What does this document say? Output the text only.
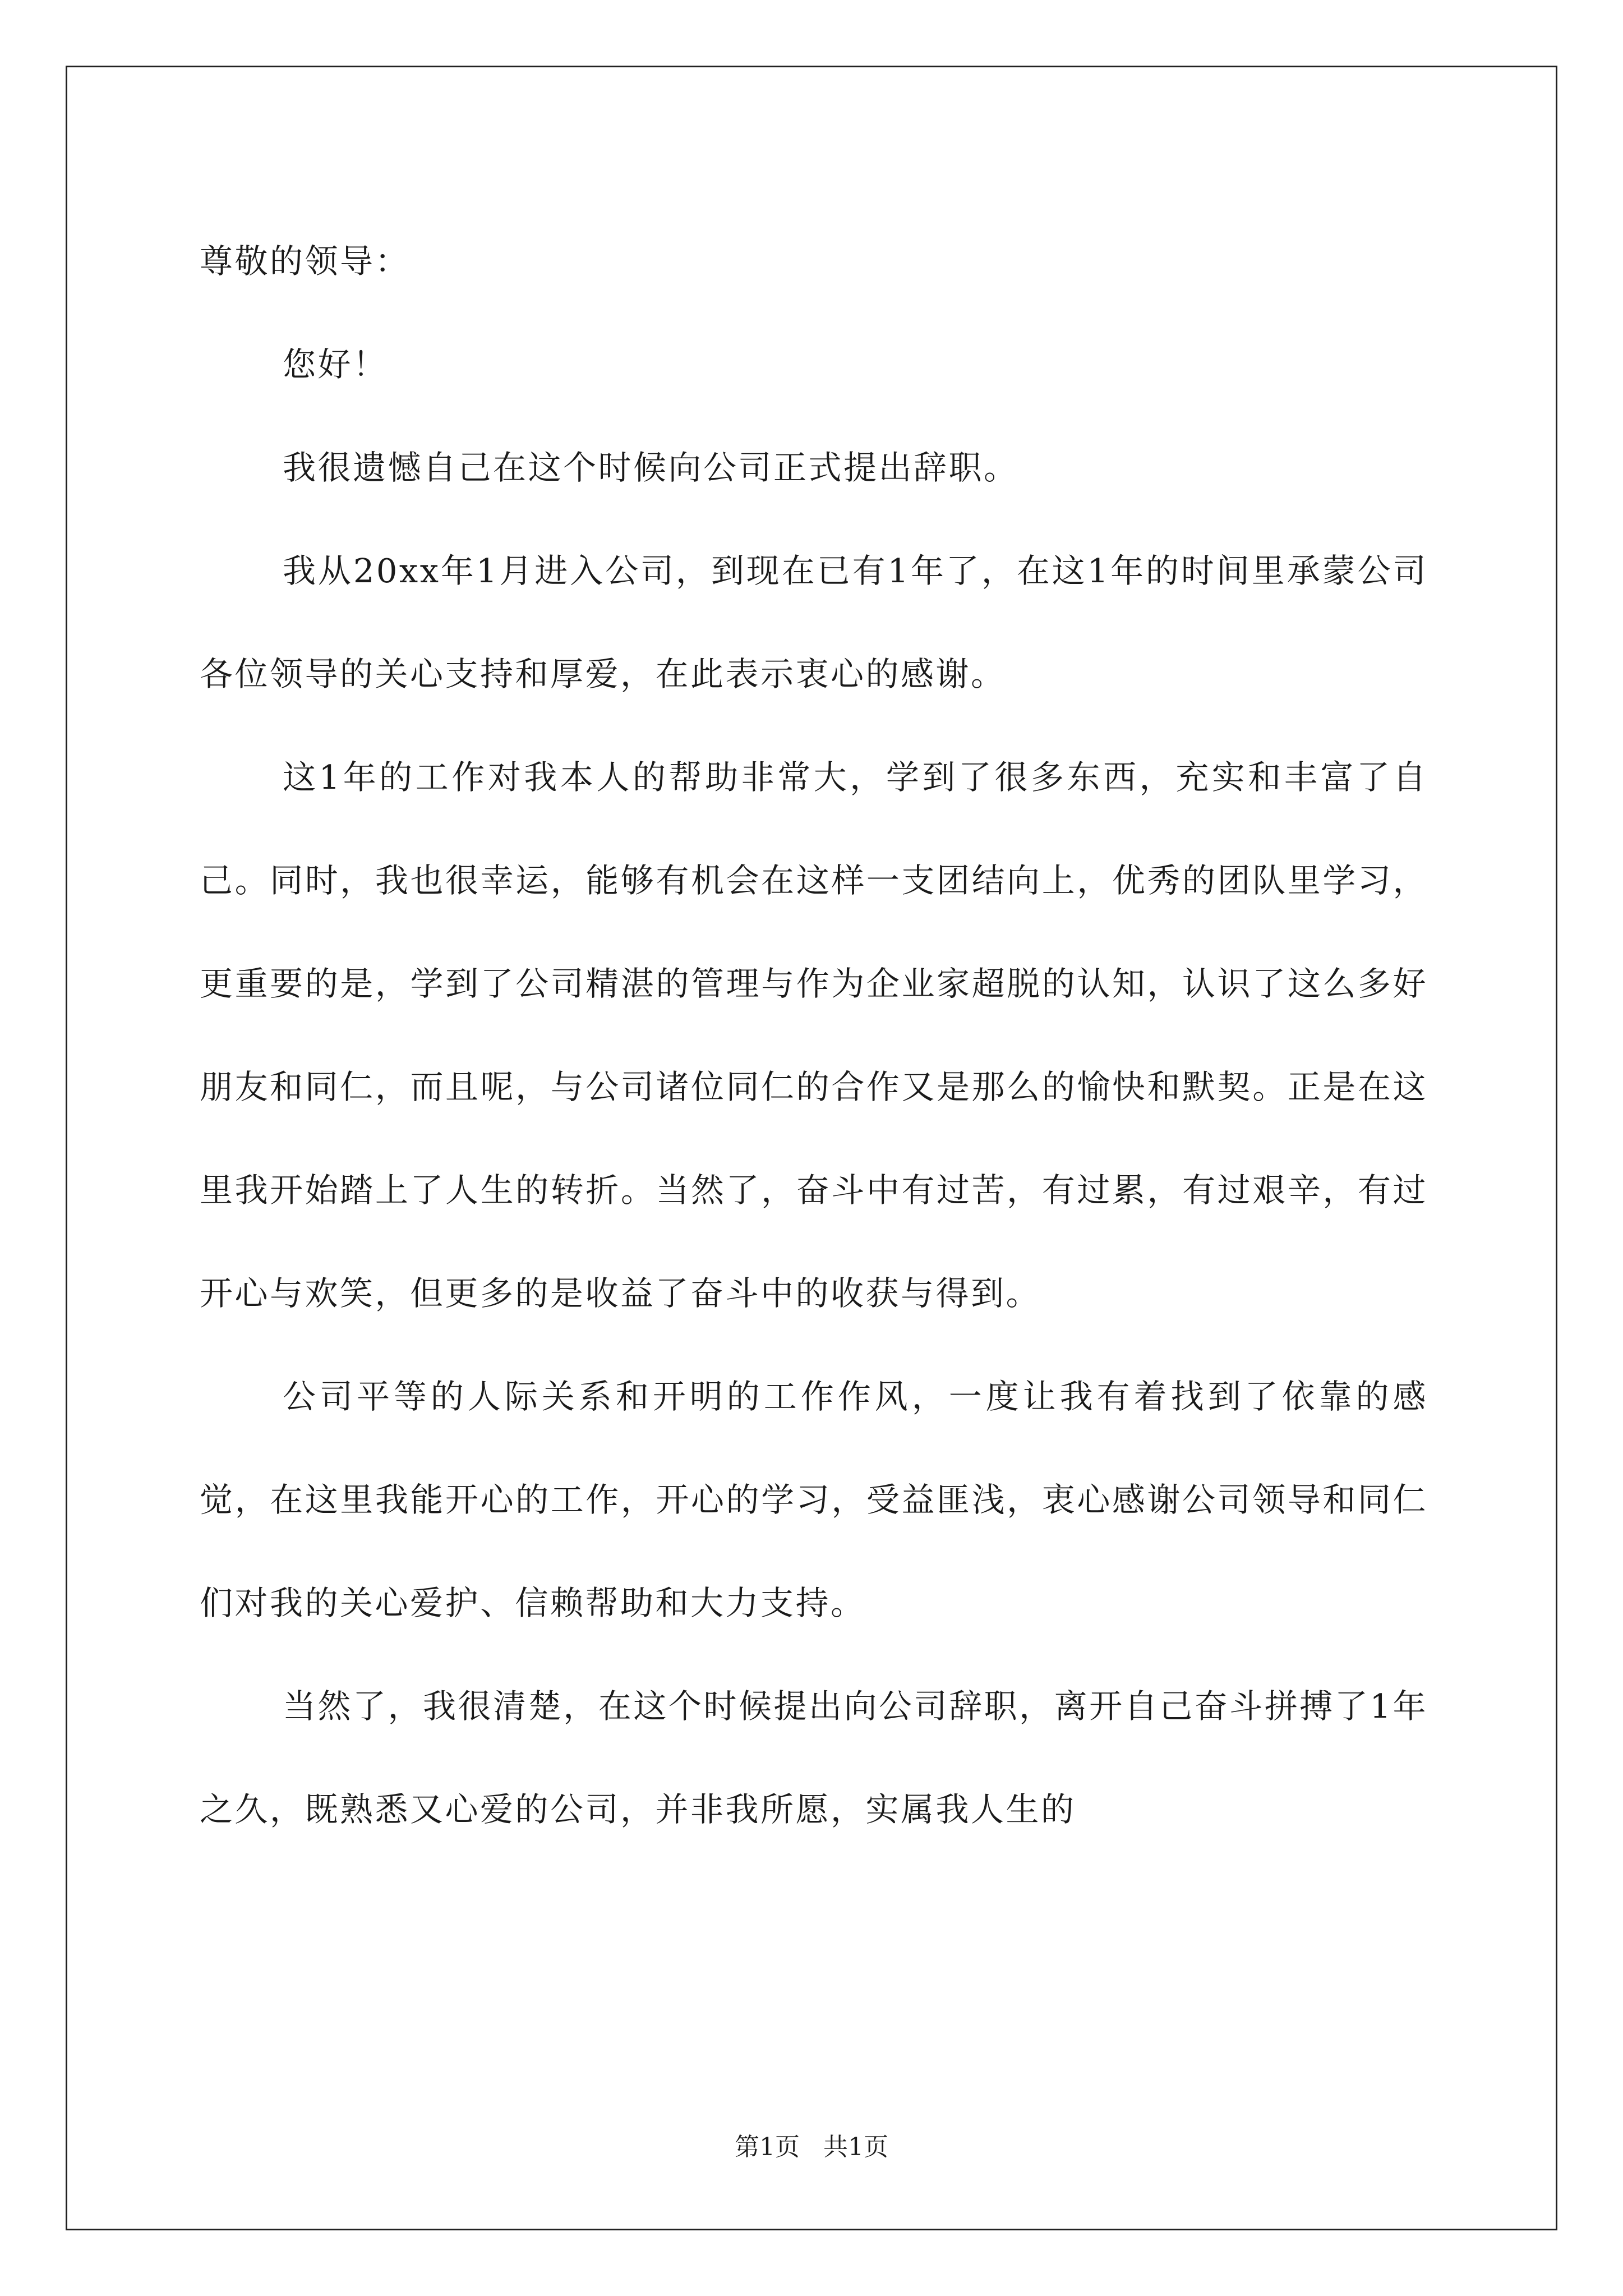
尊敬的领导：

您好！

我很遗憾自己在这个时候向公司正式提出辞职。

我从20xx年1月进入公司，到现在已有1年了，在这1年的时间里承蒙公司各位领导的关心支持和厚爱，在此表示衷心的感谢。

这1年的工作对我本人的帮助非常大，学到了很多东西，充实和丰富了自己。同时，我也很幸运，能够有机会在这样一支团结向上，优秀的团队里学习，更重要的是，学到了公司精湛的管理与作为企业家超脱的认知，认识了这么多好朋友和同仁，而且呢，与公司诸位同仁的合作又是那么的愉快和默契。正是在这里我开始踏上了人生的转折。当然了，奋斗中有过苦，有过累，有过艰辛，有过开心与欢笑，但更多的是收益了奋斗中的收获与得到。

公司平等的人际关系和开明的工作作风，一度让我有着找到了依靠的感觉，在这里我能开心的工作，开心的学习，受益匪浅，衷心感谢公司领导和同仁们对我的关心爱护、信赖帮助和大力支持。

当然了，我很清楚，在这个时候提出向公司辞职，离开自己奋斗拼搏了1年之久，既熟悉又心爱的公司，并非我所愿，实属我人生的

第1页   共1页
